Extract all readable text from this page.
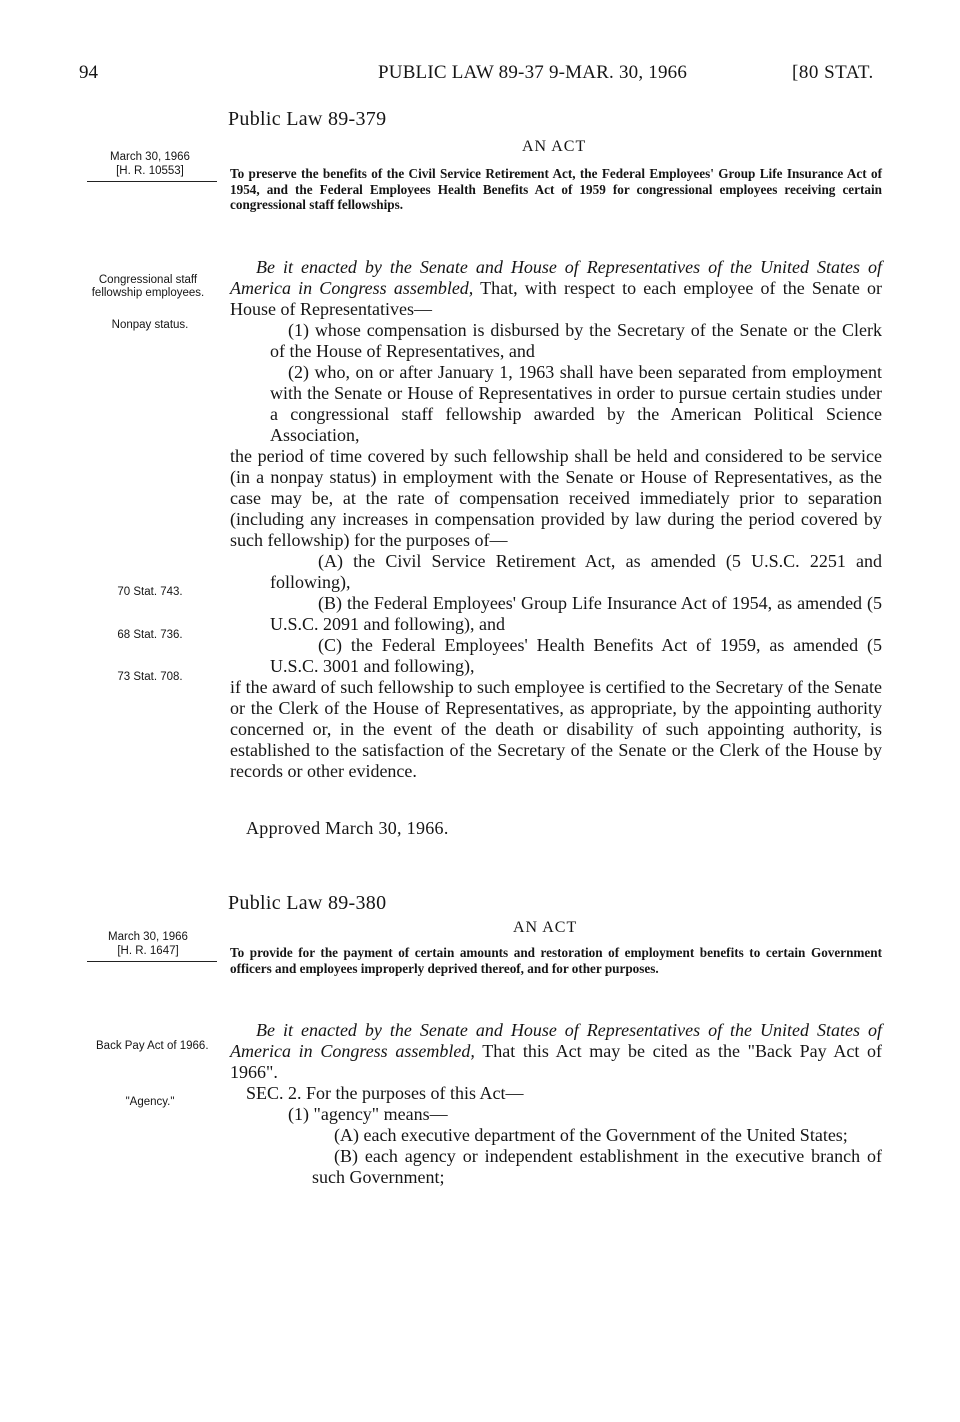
94	PUBLIC LAW 89-37 9-MAR. 30, 1966	[80 STAT.
Public Law 89-379
AN ACT
March 30, 1966
[H. R. 10553]	To preserve the benefits of the Civil Service Retirement Act, the Federal Employees' Group Life Insurance Act of 1954, and the Federal Employees Health Benefits Act of 1959 for congressional employees receiving certain congressional staff fellowships.
Congressional staff fellowship employees.
Nonpay status.
70 Stat. 743.
68 Stat. 736.
73 Stat. 708.

Be it enacted by the Senate and House of Representatives of the United States of America in Congress assembled, That, with respect to each employee of the Senate or House of Representatives—

(1) whose compensation is disbursed by the Secretary of the Senate or the Clerk of the House of Representatives, and

(2) who, on or after January 1, 1963 shall have been separated from employment with the Senate or House of Representatives in order to pursue certain studies under a congressional staff fellowship awarded by the American Political Science Association,

the period of time covered by such fellowship shall be held and considered to be service (in a nonpay status) in employment with the Senate or House of Representatives, as the case may be, at the rate of compensation received immediately prior to separation (including any increases in compensation provided by law during the period covered by such fellowship) for the purposes of—

(A) the Civil Service Retirement Act, as amended (5 U.S.C. 2251 and following),

(B) the Federal Employees' Group Life Insurance Act of 1954, as amended (5 U.S.C. 2091 and following), and

(C) the Federal Employees' Health Benefits Act of 1959, as amended (5 U.S.C. 3001 and following),

if the award of such fellowship to such employee is certified to the Secretary of the Senate or the Clerk of the House of Representatives, as appropriate, by the appointing authority concerned or, in the event of the death or disability of such appointing authority, is established to the satisfaction of the Secretary of the Senate or the Clerk of the House by records or other evidence.

Approved March 30, 1966.
Public Law 89-380
AN ACT
March 30, 1966
[H. R. 1647]	To provide for the payment of certain amounts and restoration of employment benefits to certain Government officers and employees improperly deprived thereof, and for other purposes.
Back Pay Act of 1966.
"Agency."

Be it enacted by the Senate and House of Representatives of the United States of America in Congress assembled, That this Act may be cited as the "Back Pay Act of 1966".

SEC. 2. For the purposes of this Act—

(1) "agency" means—

(A) each executive department of the Government of the United States;

(B) each agency or independent establishment in the executive branch of such Government;
